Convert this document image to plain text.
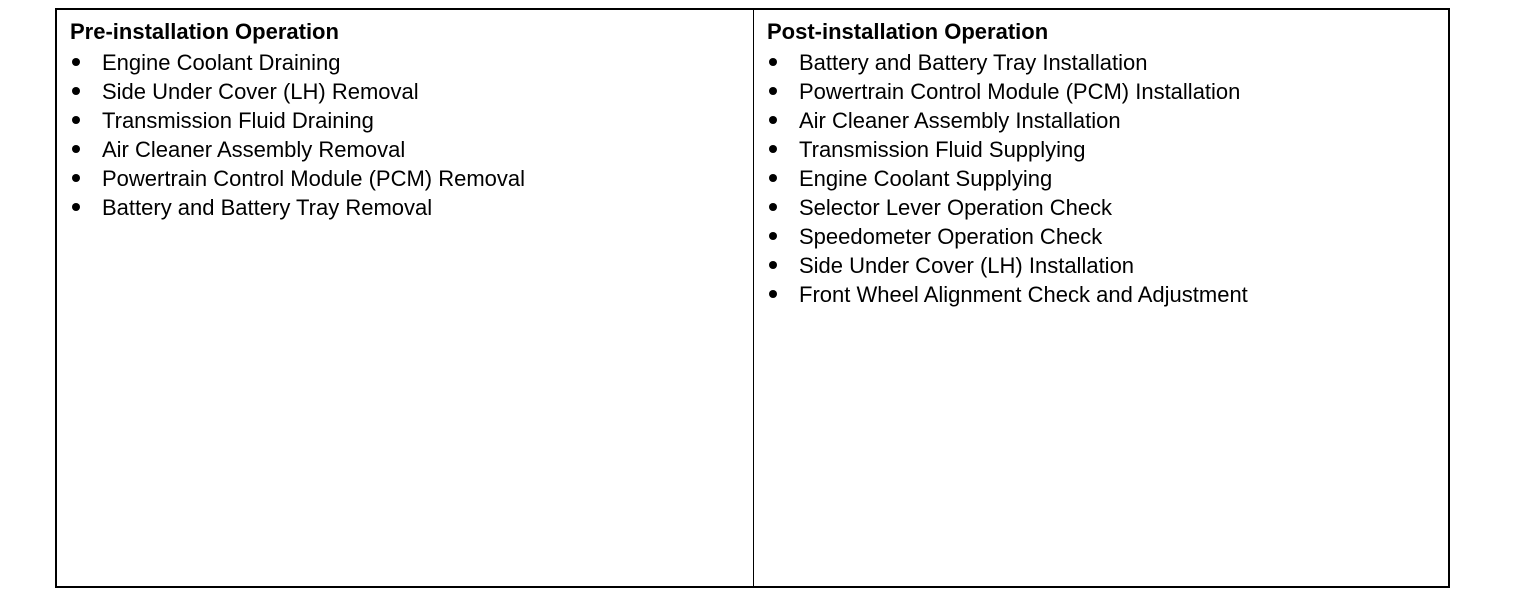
Pre-installation Operation
Engine Coolant Draining
Side Under Cover (LH) Removal
Transmission Fluid Draining
Air Cleaner Assembly Removal
Powertrain Control Module (PCM) Removal
Battery and Battery Tray Removal
Post-installation Operation
Battery and Battery Tray Installation
Powertrain Control Module (PCM) Installation
Air Cleaner Assembly Installation
Transmission Fluid Supplying
Engine Coolant Supplying
Selector Lever Operation Check
Speedometer Operation Check
Side Under Cover (LH) Installation
Front Wheel Alignment Check and Adjustment
